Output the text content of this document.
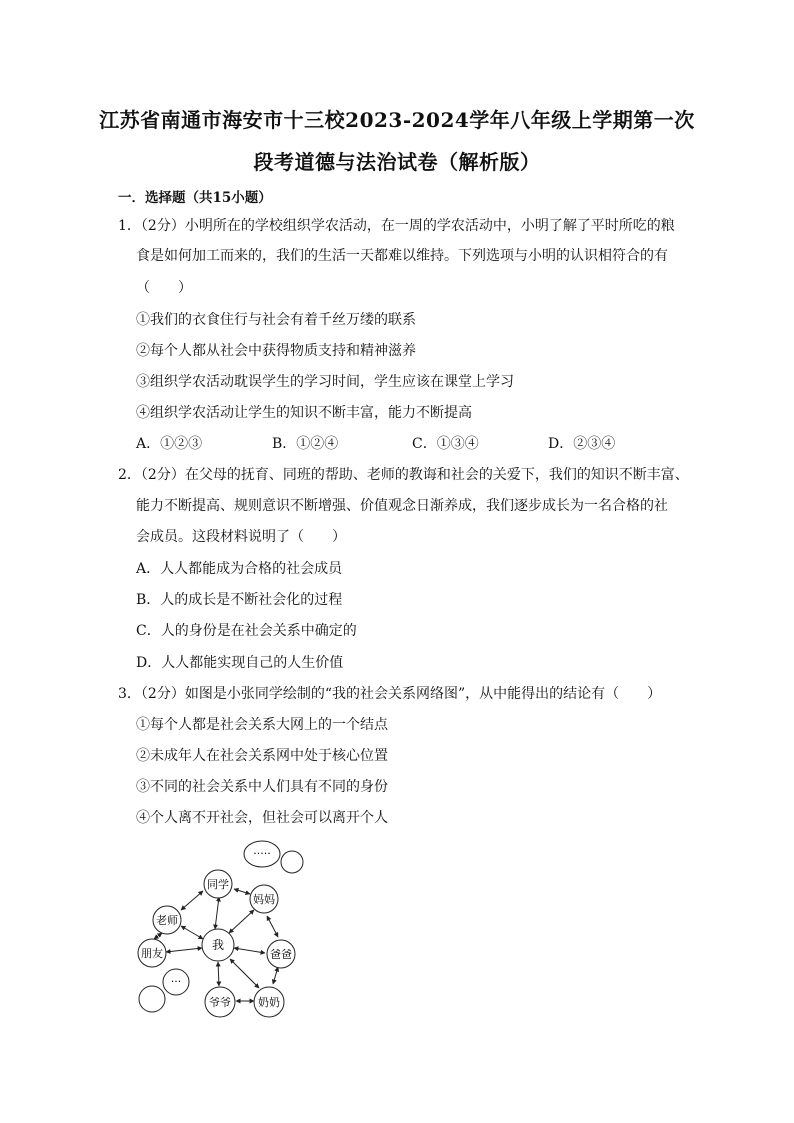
江苏省南通市海安市十三校2023-2024学年八年级上学期第一次
段考道德与法治试卷（解析版）
一．选择题（共15小题）
1．（2分）小明所在的学校组织学农活动，在一周的学农活动中，小明了解了平时所吃的粮
食是如何加工而来的，我们的生活一天都难以维持。下列选项与小明的认识相符合的有
（　　）
①我们的衣食住行与社会有着千丝万缕的联系
②每个人都从社会中获得物质支持和精神滋养
③组织学农活动耽误学生的学习时间，学生应该在课堂上学习
④组织学农活动让学生的知识不断丰富，能力不断提高
A．①②③	B．①②④	C．①③④	D．②③④
2．（2分）在父母的抚育、同班的帮助、老师的教诲和社会的关爱下，我们的知识不断丰富、
能力不断提高、规则意识不断增强、价值观念日渐养成，我们逐步成长为一名合格的社
会成员。这段材料说明了（　　）
A．人人都能成为合格的社会成员
B．人的成长是不断社会化的过程
C．人的身份是在社会关系中确定的
D．人人都能实现自己的人生价值
3．（2分）如图是小张同学绘制的“我的社会关系网络图”，从中能得出的结论有（　　）
①每个人都是社会关系大网上的一个结点
②未成年人在社会关系网中处于核心位置
③不同的社会关系中人们具有不同的身份
④个人离不开社会，但社会可以离开个人
·····
···
同学
老师
妈妈
我
朋友	爸爸
爷爷 奶奶
